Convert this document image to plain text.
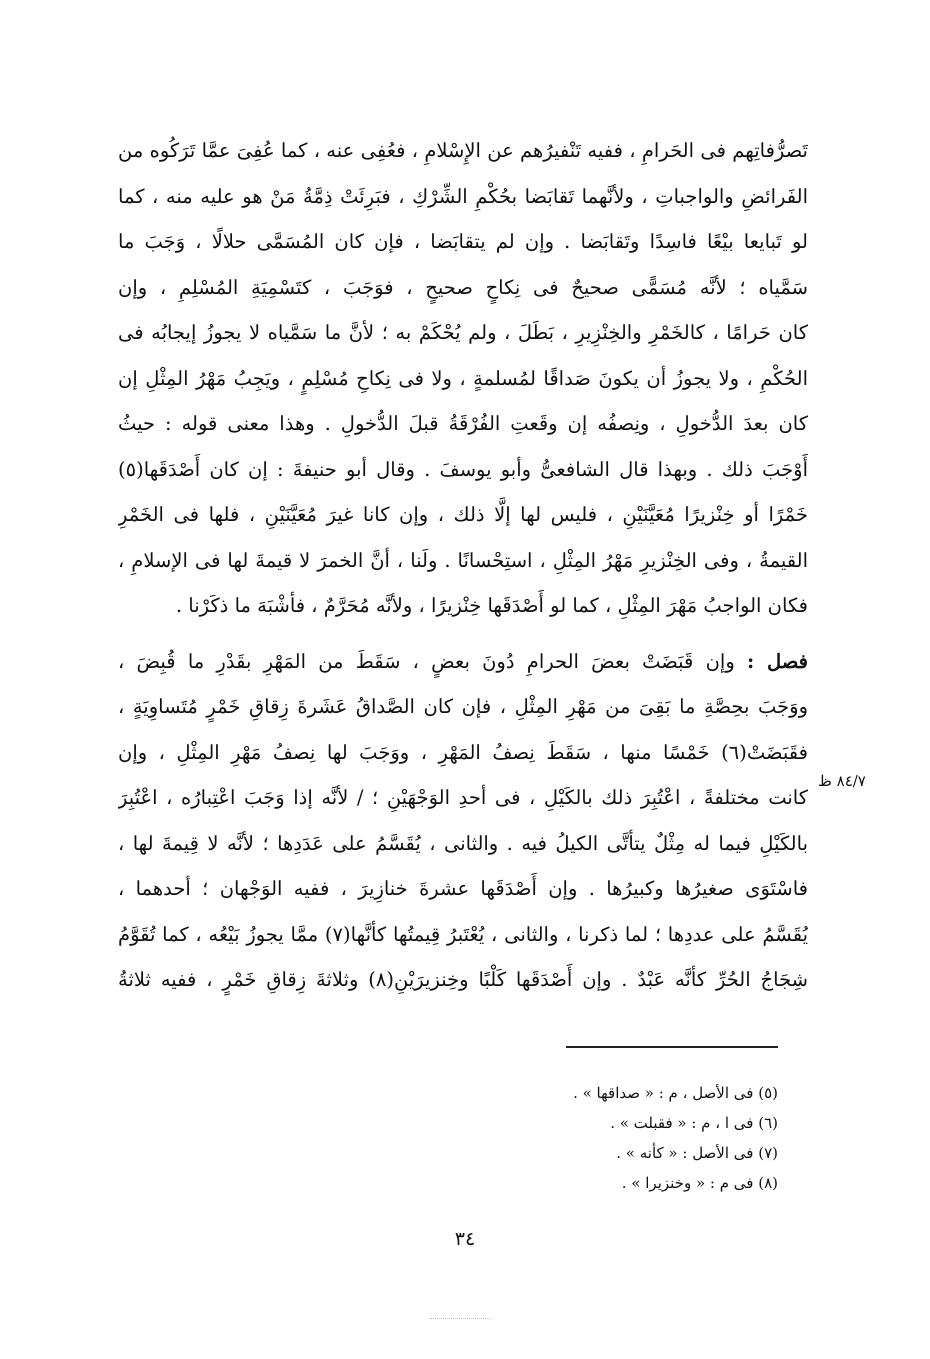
تَصرُّفاتِهم فى الحَرامِ ، ففيه تَنْفيرُهم عن الإِسْلامِ ، فعُفِى عنه ، كما عُفِىَ عمَّا تَرَكُوه من
الفَرائضِ والواجباتِ ، ولأنَّهما تَقابَضا بحُكْمِ الشِّرْكِ ، فبَرِئَتْ ذِمَّةُ مَنْ هو عليه منه ، كما
لو تَبايعا بيْعًا فاسِدًا وتَقابَضا . وإن لم يتقابَضا ، فإن كان المُسَمَّى حلالًا ، وَجَبَ ما
سَمَّياه ؛ لأنَّه مُسَمًّى صحيحٌ فى نِكاحٍ صحيحٍ ، فوَجَبَ ، كتَسْمِيَةِ المُسْلِمِ ، وإن
كان حَرامًا ، كالخَمْرِ والخِنْزِيرِ ، بَطَلَ ، ولم يُحْكَمْ به ؛ لأنَّ ما سَمَّياه لا يجوزُ إيجابُه فى
الحُكْمِ ، ولا يجوزُ أن يكونَ صَداقًا لمُسلمةٍ ، ولا فى نِكاحِ مُسْلِمٍ ، ويَجِبُ مَهْرُ المِثْلِ إن
كان بعدَ الدُّخولِ ، ونِصفُه إن وقَعتِ الفُرْقَةُ قبلَ الدُّخولِ . وهذا معنى قوله : حيثُ
أَوْجَبَ ذلك . وبهذا قال الشافعىُّ وأبو يوسفَ . وقال أبو حنيفةَ : إن كان أَصْدَقَها(٥)
خَمْرًا أو خِنْزيرًا مُعَيَّنَيْنِ ، فليس لها إلَّا ذلك ، وإن كانا غيرَ مُعَيَّنَيْنِ ، فلها فى الخَمْرِ
القيمةُ ، وفى الخِنْزيرِ مَهْرُ المِثْلِ ، استِحْسانًا . ولَنا ، أنَّ الخمرَ لا قيمةَ لها فى الإسلامِ ،
فكان الواجبُ مَهْرَ المِثْلِ ، كما لو أَصْدَقَها خِنْزيرًا ، ولأنَّه مُحَرَّمٌ ، فأشْبَهَ ما ذكَرْنا .
فصل : وإن قَبَضَتْ بعضَ الحرامِ دُونَ بعضٍ ، سَقَطَ من المَهْرِ بقَدْرِ ما قُبِضَ ،
ووَجَبَ بحِصَّةِ ما بَقِىَ من مَهْرِ المِثْلِ ، فإن كان الصَّداقُ عَشَرةَ زِقاقِ خَمْرٍ مُتَساوِيَةٍ ،
فقَبَضَتْ(٦) خَمْسًا منها ، سَقَطَ نِصفُ المَهْرِ ، ووَجَبَ لها نِصفُ مَهْرِ المِثْلِ ، وإن
كانت مختلفةً ، اعْتُبِرَ ذلك بالكَيْلِ ، فى أحدِ الوَجْهَيْنِ ؛ / لأنَّه إذا وَجَبَ اعْتِبارُه ، اعْتُبِرَ
بالكَيْلِ فيما له مِثْلٌ يتأتَّى الكيلُ فيه . والثانى ، يُقَسَّمُ على عَدَدِها ؛ لأنَّه لا قِيمةَ لها ،
فاسْتَوَى صغيرُها وكبيرُها . وإن أَصْدَقَها عشرةَ خنازِيرَ ، ففيه الوَجْهان ؛ أحدهما ،
يُقَسَّمُ على عددِها ؛ لما ذكرنا ، والثانى ، يُعْتَبرُ قِيمتُها كأنَّها(٧) ممَّا يجوزُ بَيْعُه ، كما تُقَوَّمُ
شِجَاجُ الحُرِّ كأنَّه عَبْدٌ . وإن أَصْدَقَها كَلْبًا وخِنزيرَيْنِ(٨) وثلاثةَ زِقاقِ خَمْرٍ ، ففيه ثلاثةُ
٨٤/٧ ظ
(٥) فى الأصل ، م : « صداقها » .
(٦) فى ا ، م : « فقبلت » .
(٧) فى الأصل : « كأنه » .
(٨) فى م : « وخنزيرا » .
٣٤
